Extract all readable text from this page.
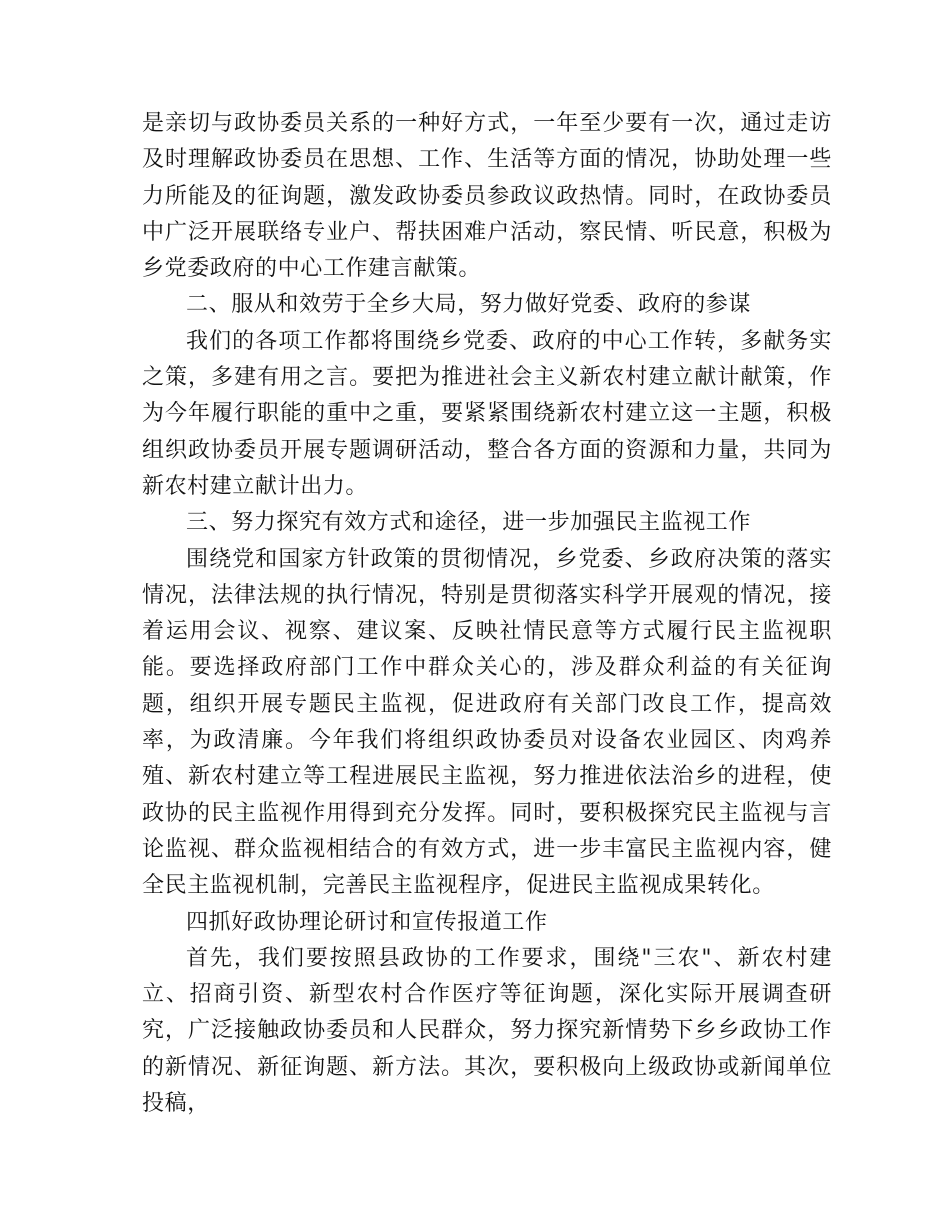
是亲切与政协委员关系的一种好方式，一年至少要有一次，通过走访及时理解政协委员在思想、工作、生活等方面的情况，协助处理一些力所能及的征询题，激发政协委员参政议政热情。同时，在政协委员中广泛开展联络专业户、帮扶困难户活动，察民情、听民意，积极为乡党委政府的中心工作建言献策。

二、服从和效劳于全乡大局，努力做好党委、政府的参谋

我们的各项工作都将围绕乡党委、政府的中心工作转，多献务实之策，多建有用之言。要把为推进社会主义新农村建立献计献策，作为今年履行职能的重中之重，要紧紧围绕新农村建立这一主题，积极组织政协委员开展专题调研活动，整合各方面的资源和力量，共同为新农村建立献计出力。

三、努力探究有效方式和途径，进一步加强民主监视工作

围绕党和国家方针政策的贯彻情况，乡党委、乡政府决策的落实情况，法律法规的执行情况，特别是贯彻落实科学开展观的情况，接着运用会议、视察、建议案、反映社情民意等方式履行民主监视职能。要选择政府部门工作中群众关心的，涉及群众利益的有关征询题，组织开展专题民主监视，促进政府有关部门改良工作，提高效率，为政清廉。今年我们将组织政协委员对设备农业园区、肉鸡养殖、新农村建立等工程进展民主监视，努力推进依法治乡的进程，使政协的民主监视作用得到充分发挥。同时，要积极探究民主监视与言论监视、群众监视相结合的有效方式，进一步丰富民主监视内容，健全民主监视机制，完善民主监视程序，促进民主监视成果转化。

四抓好政协理论研讨和宣传报道工作

首先，我们要按照县政协的工作要求，围绕"三农"、新农村建立、招商引资、新型农村合作医疗等征询题，深化实际开展调查研究，广泛接触政协委员和人民群众，努力探究新情势下乡乡政协工作的新情况、新征询题、新方法。其次，要积极向上级政协或新闻单位投稿，
